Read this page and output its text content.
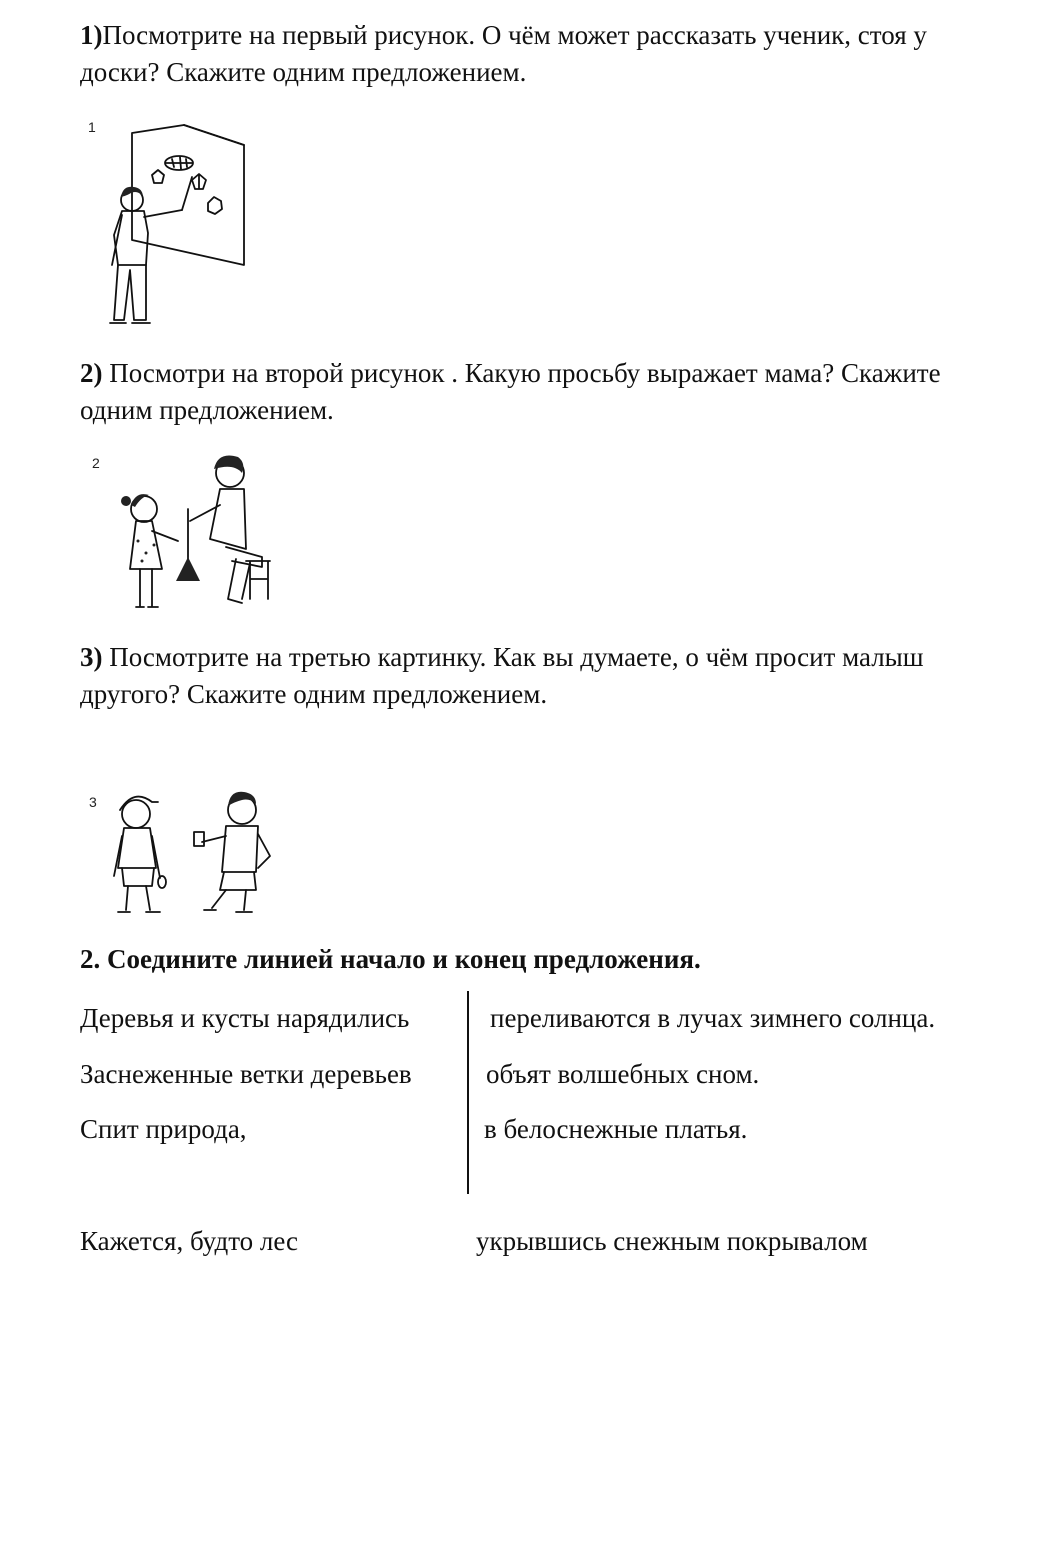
1)Посмотрите на первый рисунок. О чём может рассказать ученик, стоя у доски? Скажите одним предложением.

1

2) Посмотри на второй рисунок . Какую просьбу выражает мама? Скажите одним предложением.

2

3) Посмотрите на третью картинку. Как вы думаете, о чём просит малыш другого? Скажите одним предложением.

3

2. Соедините линией начало и конец предложения.

Деревья и кусты нарядились

Заснеженные ветки деревьев

Спит природа,

переливаются в лучах зимнего солнца.

объят волшебных сном.

в белоснежные платья.

Кажется, будто лес	укрывшись снежным покрывалом
